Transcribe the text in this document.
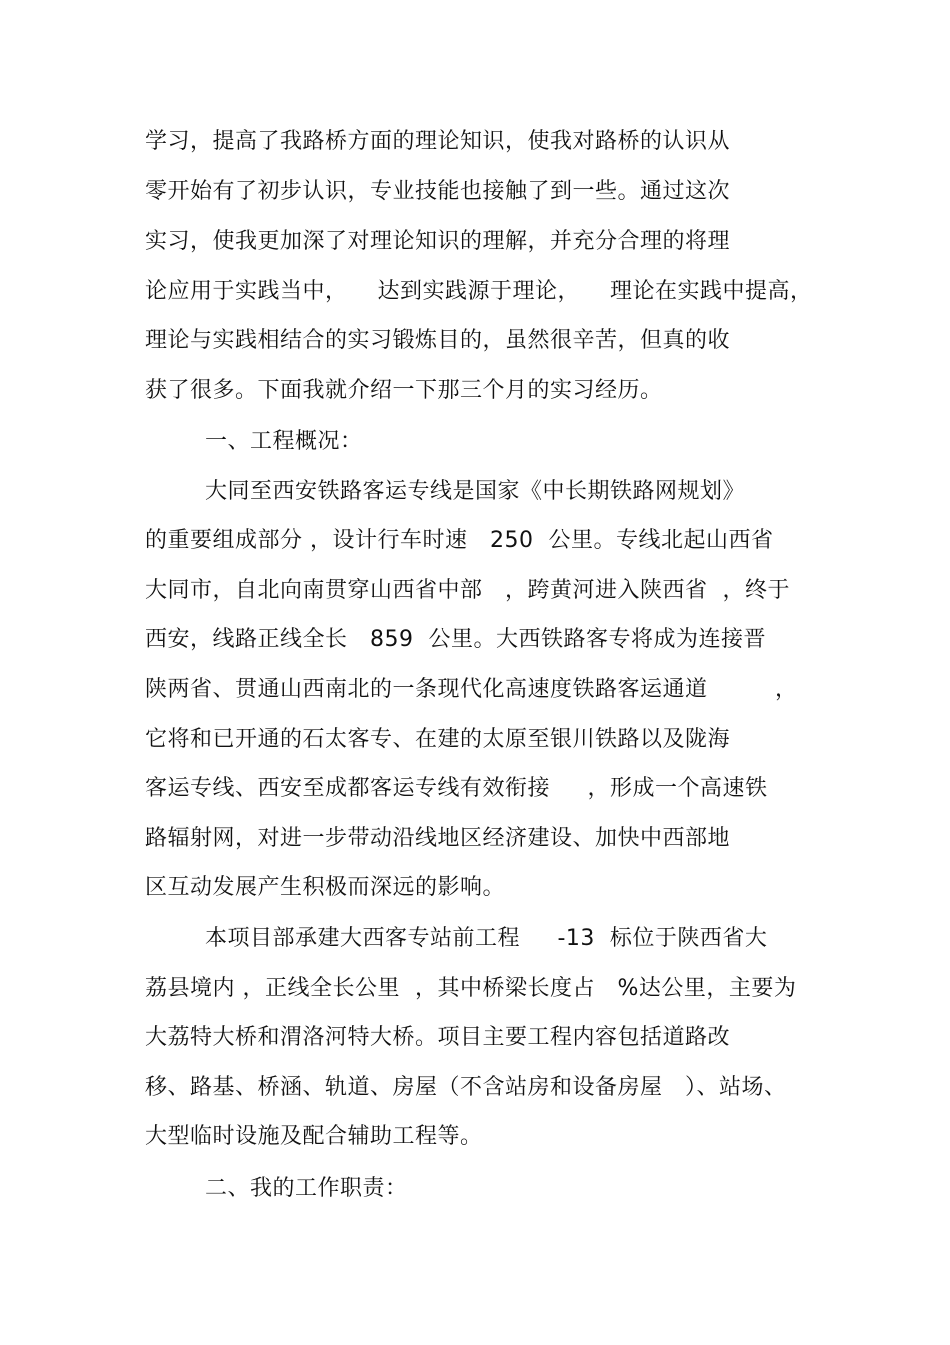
学习，提高了我路桥方面的理论知识，使我对路桥的认识从
零开始有了初步认识，专业技能也接触了到一些。通过这次
实习，使我更加深了对理论知识的理解，并充分合理的将理
论应用于实践当中，    达到实践源于理论，    理论在实践中提高，
理论与实践相结合的实习锻炼目的，虽然很辛苦，但真的收
获了很多。下面我就介绍一下那三个月的实习经历。
一、工程概况：
大同至西安铁路客运专线是国家《中长期铁路网规划》
的重要组成部分 ，设计行车时速   250  公里。专线北起山西省
大同市，自北向南贯穿山西省中部   ，跨黄河进入陕西省  ，终于
西安，线路正线全长   859  公里。大西铁路客专将成为连接晋
陕两省、贯通山西南北的一条现代化高速度铁路客运通道         ，
它将和已开通的石太客专、在建的太原至银川铁路以及陇海
客运专线、西安至成都客运专线有效衔接     ，形成一个高速铁
路辐射网，对进一步带动沿线地区经济建设、加快中西部地
区互动发展产生积极而深远的影响。
本项目部承建大西客专站前工程     -13  标位于陕西省大
荔县境内 ，正线全长公里  ，其中桥梁长度占   %达公里，主要为
大荔特大桥和渭洛河特大桥。项目主要工程内容包括道路改
移、路基、桥涵、轨道、房屋（不含站房和设备房屋   ）、站场、
大型临时设施及配合辅助工程等。
二、我的工作职责：
